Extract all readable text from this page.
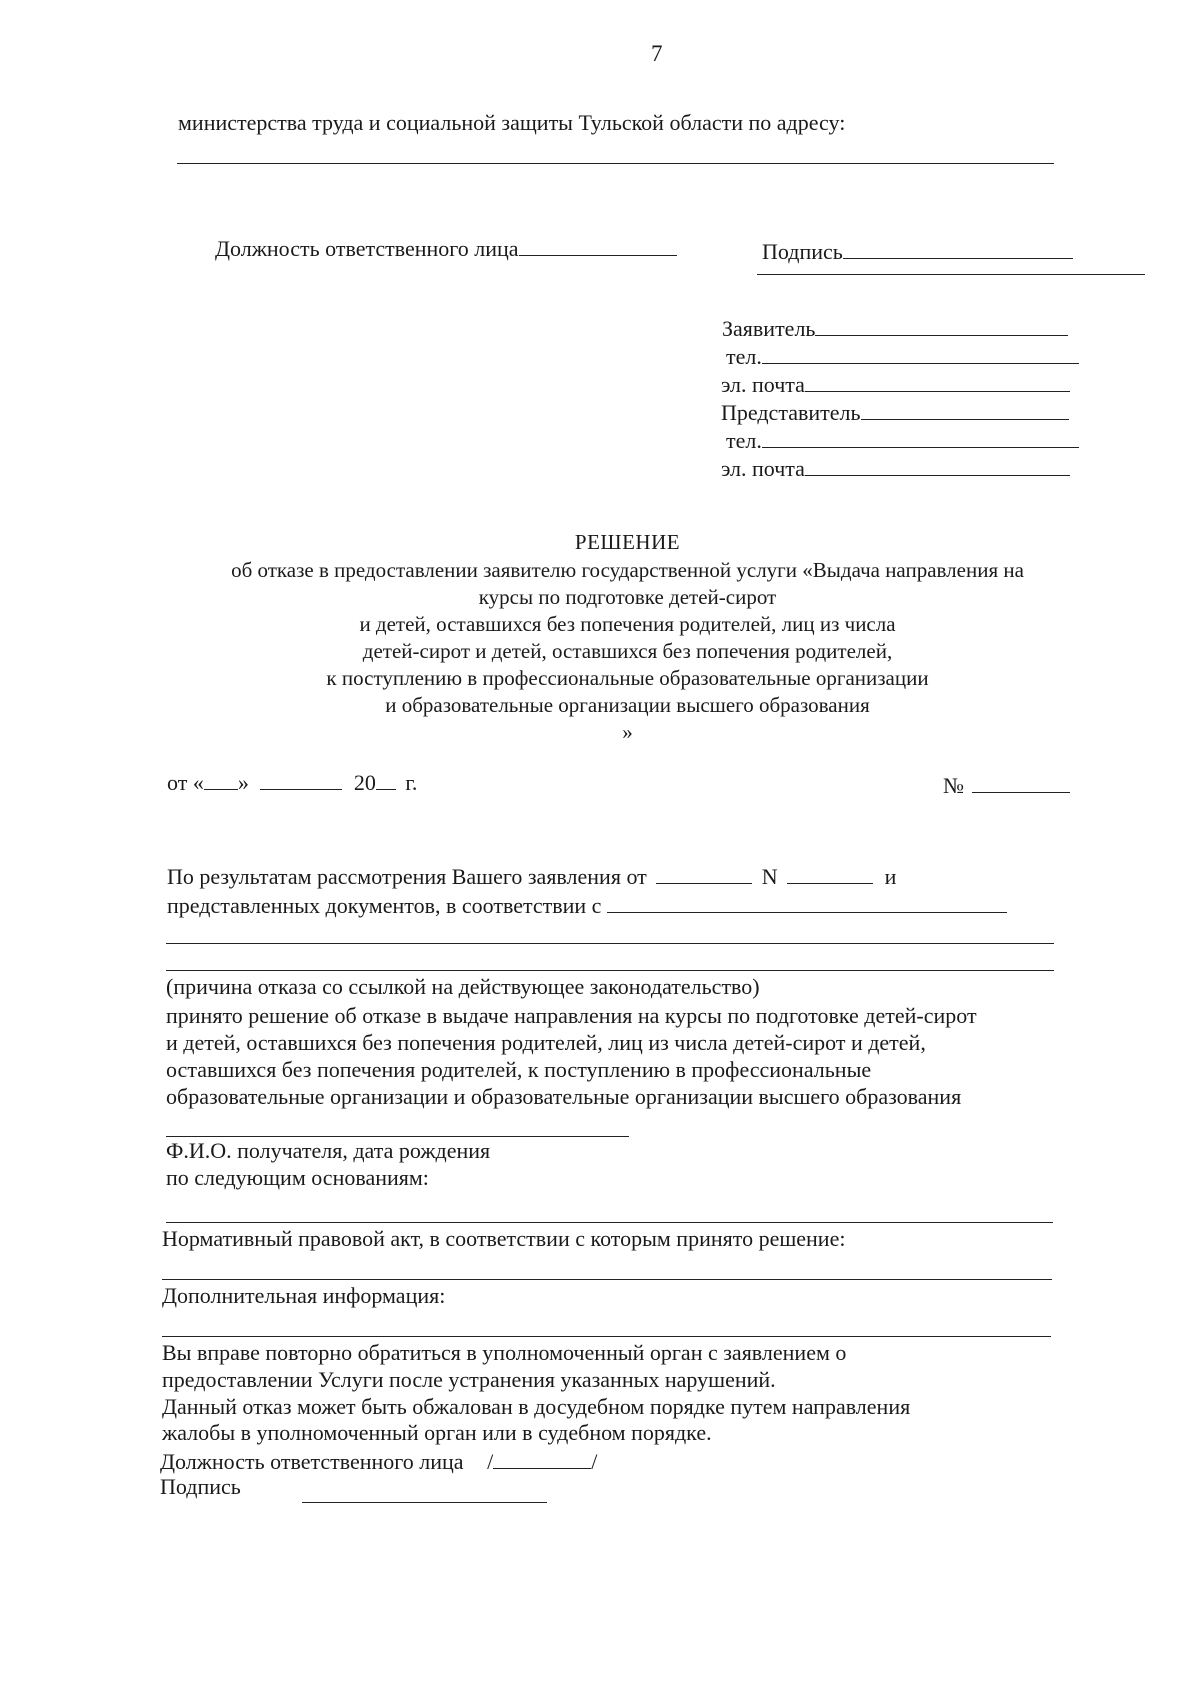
7
министерства труда и социальной защиты Тульской области по адресу:
Должность ответственного лица	Подпись
Заявитель
тел.
эл. почта
Представитель
тел.
эл. почта
РЕШЕНИЕ
об отказе в предоставлении заявителю государственной услуги «Выдача направления на
курсы по подготовке детей-сирот
и детей, оставшихся без попечения родителей, лиц из числа
детей-сирот и детей, оставшихся без попечения родителей,
к поступлению в профессиональные образовательные организации
и образовательные организации высшего образования
»
от « »	20 г.	№
По результатам рассмотрения Вашего заявления от	N	и
представленных документов, в соответствии с
(причина отказа со ссылкой на действующее законодательство)
принято решение об отказе в выдаче направления на курсы по подготовке детей-сирот
и детей, оставшихся без попечения родителей, лиц из числа детей-сирот и детей,
оставшихся без попечения родителей, к поступлению в профессиональные
образовательные организации и образовательные организации высшего образования
Ф.И.О. получателя, дата рождения
по следующим основаниям:
Нормативный правовой акт, в соответствии с которым принято решение:
Дополнительная информация:
Вы вправе повторно обратиться в уполномоченный орган с заявлением о
предоставлении Услуги после устранения указанных нарушений.
Данный отказ может быть обжалован в досудебном порядке путем направления
жалобы в уполномоченный орган или в судебном порядке.
Должность ответственного лица /	/
Подпись
